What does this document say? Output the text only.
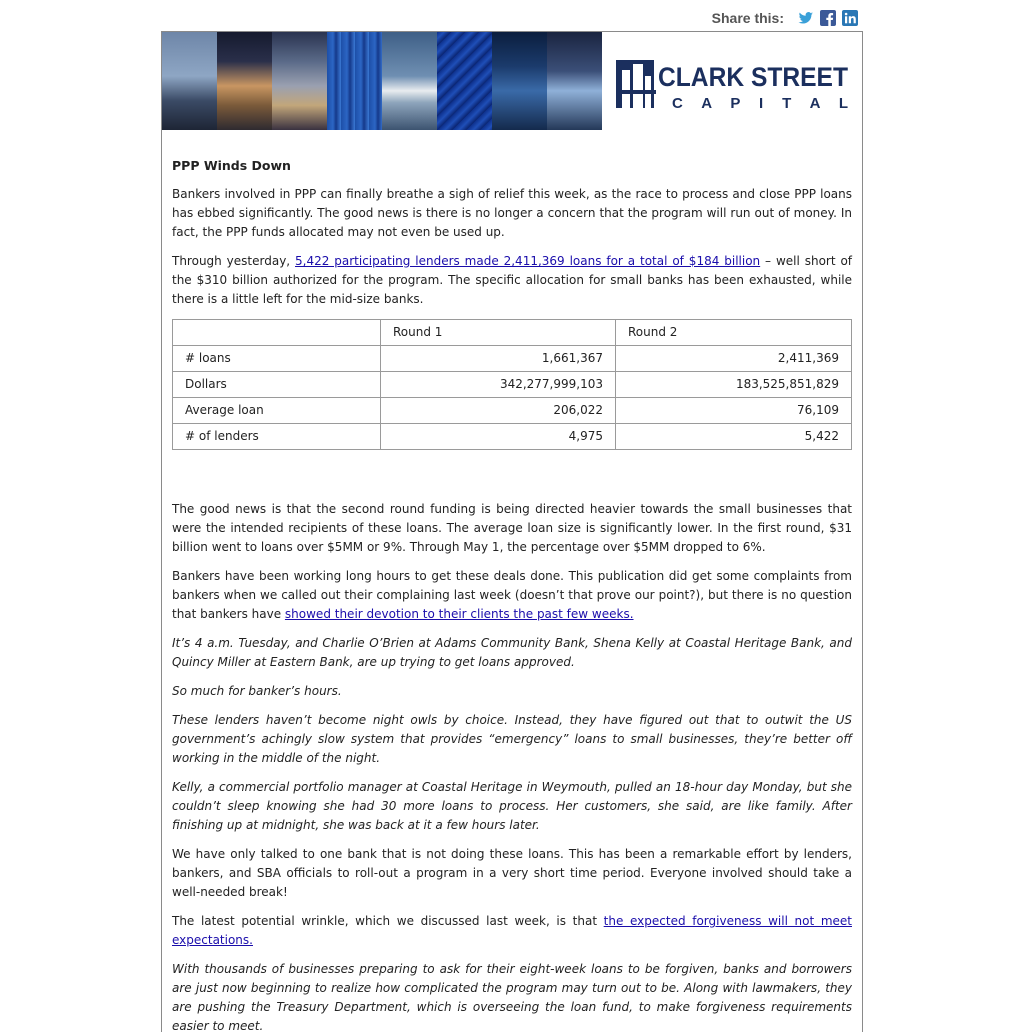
Share this:
CLARK STREET
C A P I T A L
PPP Winds Down

Bankers involved in PPP can finally breathe a sigh of relief this week, as the race to process and close PPP loans has ebbed significantly. The good news is there is no longer a concern that the program will run out of money. In fact, the PPP funds allocated may not even be used up.

Through yesterday, 5,422 participating lenders made 2,411,369 loans for a total of $184 billion – well short of the $310 billion authorized for the program. The specific allocation for small banks has been exhausted, while there is a little left for the mid-size banks.

	Round 1	Round 2
# loans	1,661,367	2,411,369
Dollars	342,277,999,103	183,525,851,829
Average loan	206,022	76,109
# of lenders	4,975	5,422

The good news is that the second round funding is being directed heavier towards the small businesses that were the intended recipients of these loans. The average loan size is significantly lower. In the first round, $31 billion went to loans over $5MM or 9%. Through May 1, the percentage over $5MM dropped to 6%.

Bankers have been working long hours to get these deals done. This publication did get some complaints from bankers when we called out their complaining last week (doesn’t that prove our point?), but there is no question that bankers have showed their devotion to their clients the past few weeks.

It’s 4 a.m. Tuesday, and Charlie O’Brien at Adams Community Bank, Shena Kelly at Coastal Heritage Bank, and Quincy Miller at Eastern Bank, are up trying to get loans approved.

So much for banker’s hours.

These lenders haven’t become night owls by choice. Instead, they have figured out that to outwit the US government’s achingly slow system that provides “emergency” loans to small businesses, they’re better off working in the middle of the night.

Kelly, a commercial portfolio manager at Coastal Heritage in Weymouth, pulled an 18-hour day Monday, but she couldn’t sleep knowing she had 30 more loans to process. Her customers, she said, are like family. After finishing up at midnight, she was back at it a few hours later.

We have only talked to one bank that is not doing these loans. This has been a remarkable effort by lenders, bankers, and SBA officials to roll-out a program in a very short time period. Everyone involved should take a well-needed break!

The latest potential wrinkle, which we discussed last week, is that the expected forgiveness will not meet expectations.

With thousands of businesses preparing to ask for their eight-week loans to be forgiven, banks and borrowers are just now beginning to realize how complicated the program may turn out to be. Along with lawmakers, they are pushing the Treasury Department, which is overseeing the loan fund, to make forgiveness requirements easier to meet.
